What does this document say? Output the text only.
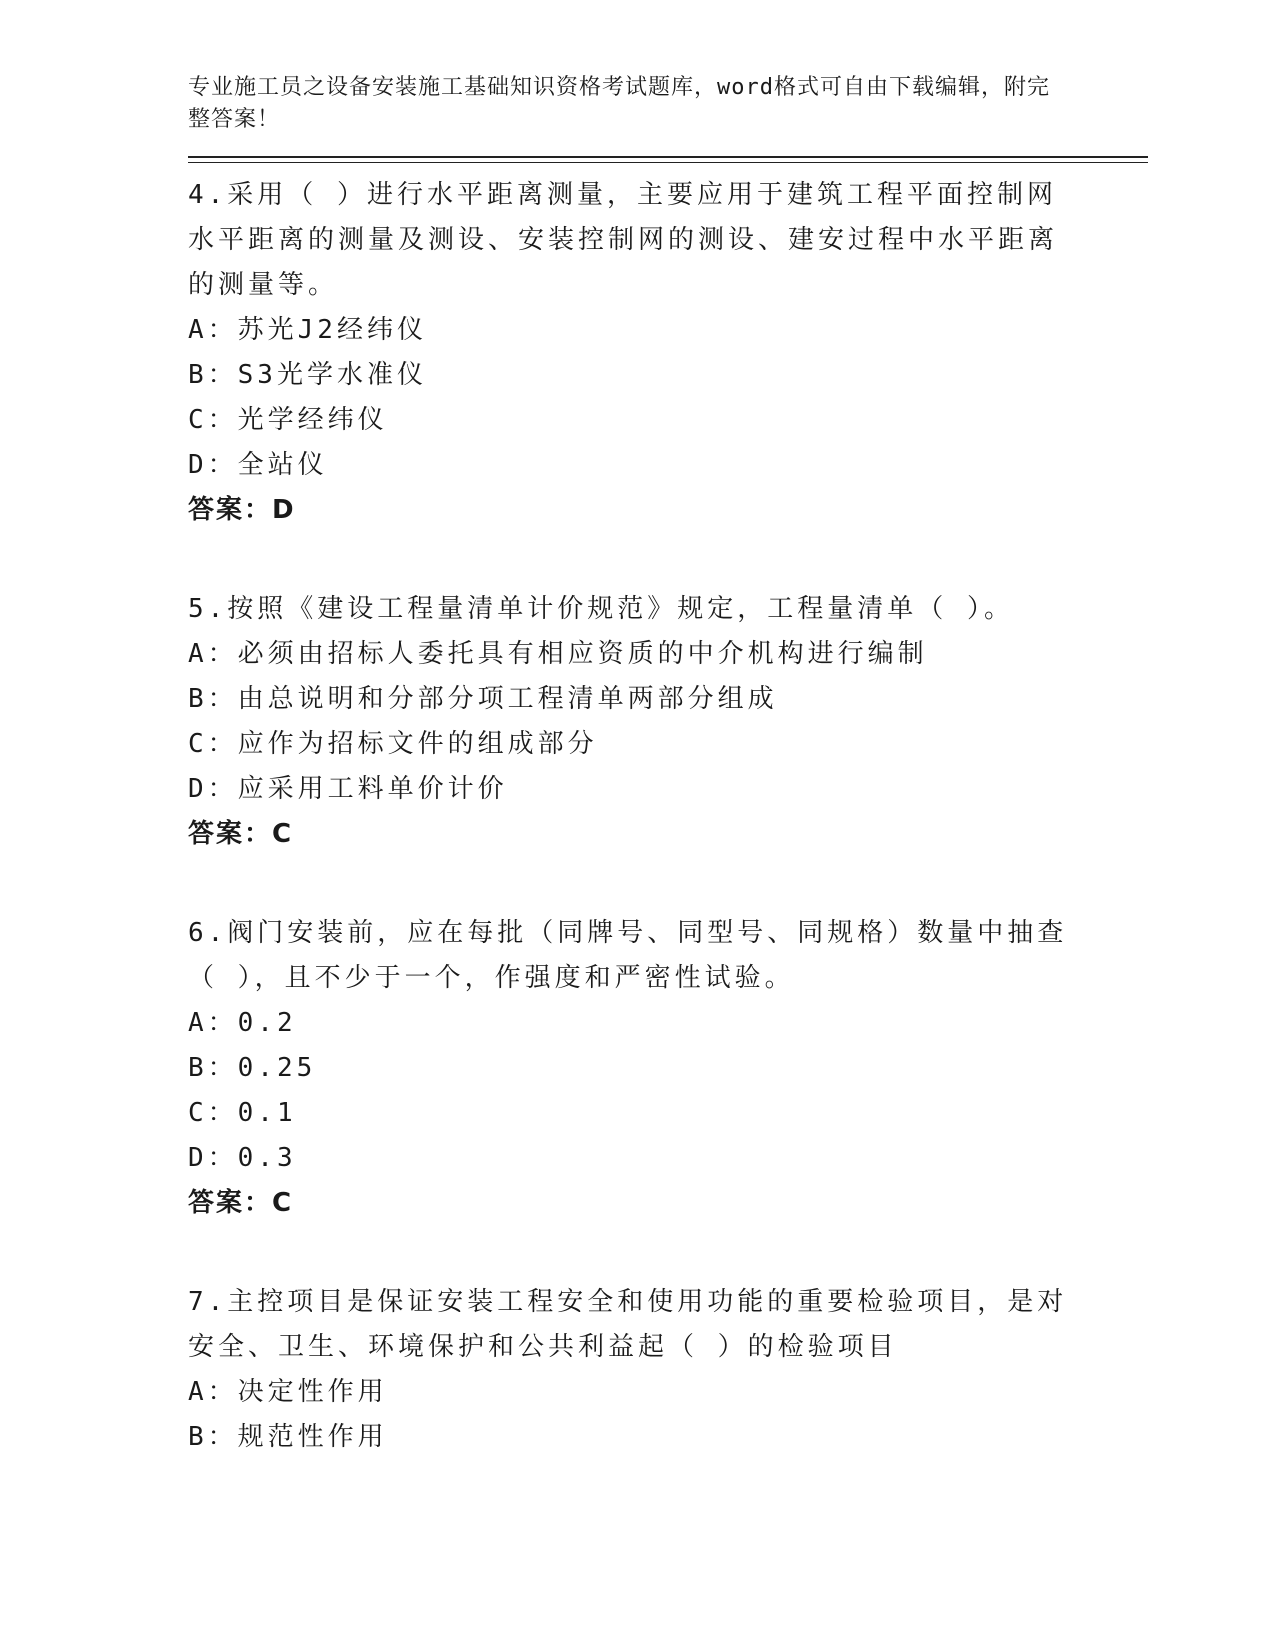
专业施工员之设备安装施工基础知识资格考试题库，word格式可自由下载编辑，附完整答案！
4.采用（ ）进行水平距离测量，主要应用于建筑工程平面控制网水平距离的测量及测设、安装控制网的测设、建安过程中水平距离的测量等。
A：苏光J2经纬仪
B：S3光学水准仪
C：光学经纬仪
D：全站仪
答案：D
5.按照《建设工程量清单计价规范》规定，工程量清单（ ）。
A：必须由招标人委托具有相应资质的中介机构进行编制
B：由总说明和分部分项工程清单两部分组成
C：应作为招标文件的组成部分
D：应采用工料单价计价
答案：C
6.阀门安装前，应在每批（同牌号、同型号、同规格）数量中抽查（ ），且不少于一个，作强度和严密性试验。
A：0.2
B：0.25
C：0.1
D：0.3
答案：C
7.主控项目是保证安装工程安全和使用功能的重要检验项目，是对安全、卫生、环境保护和公共利益起（ ）的检验项目
A：决定性作用
B：规范性作用
